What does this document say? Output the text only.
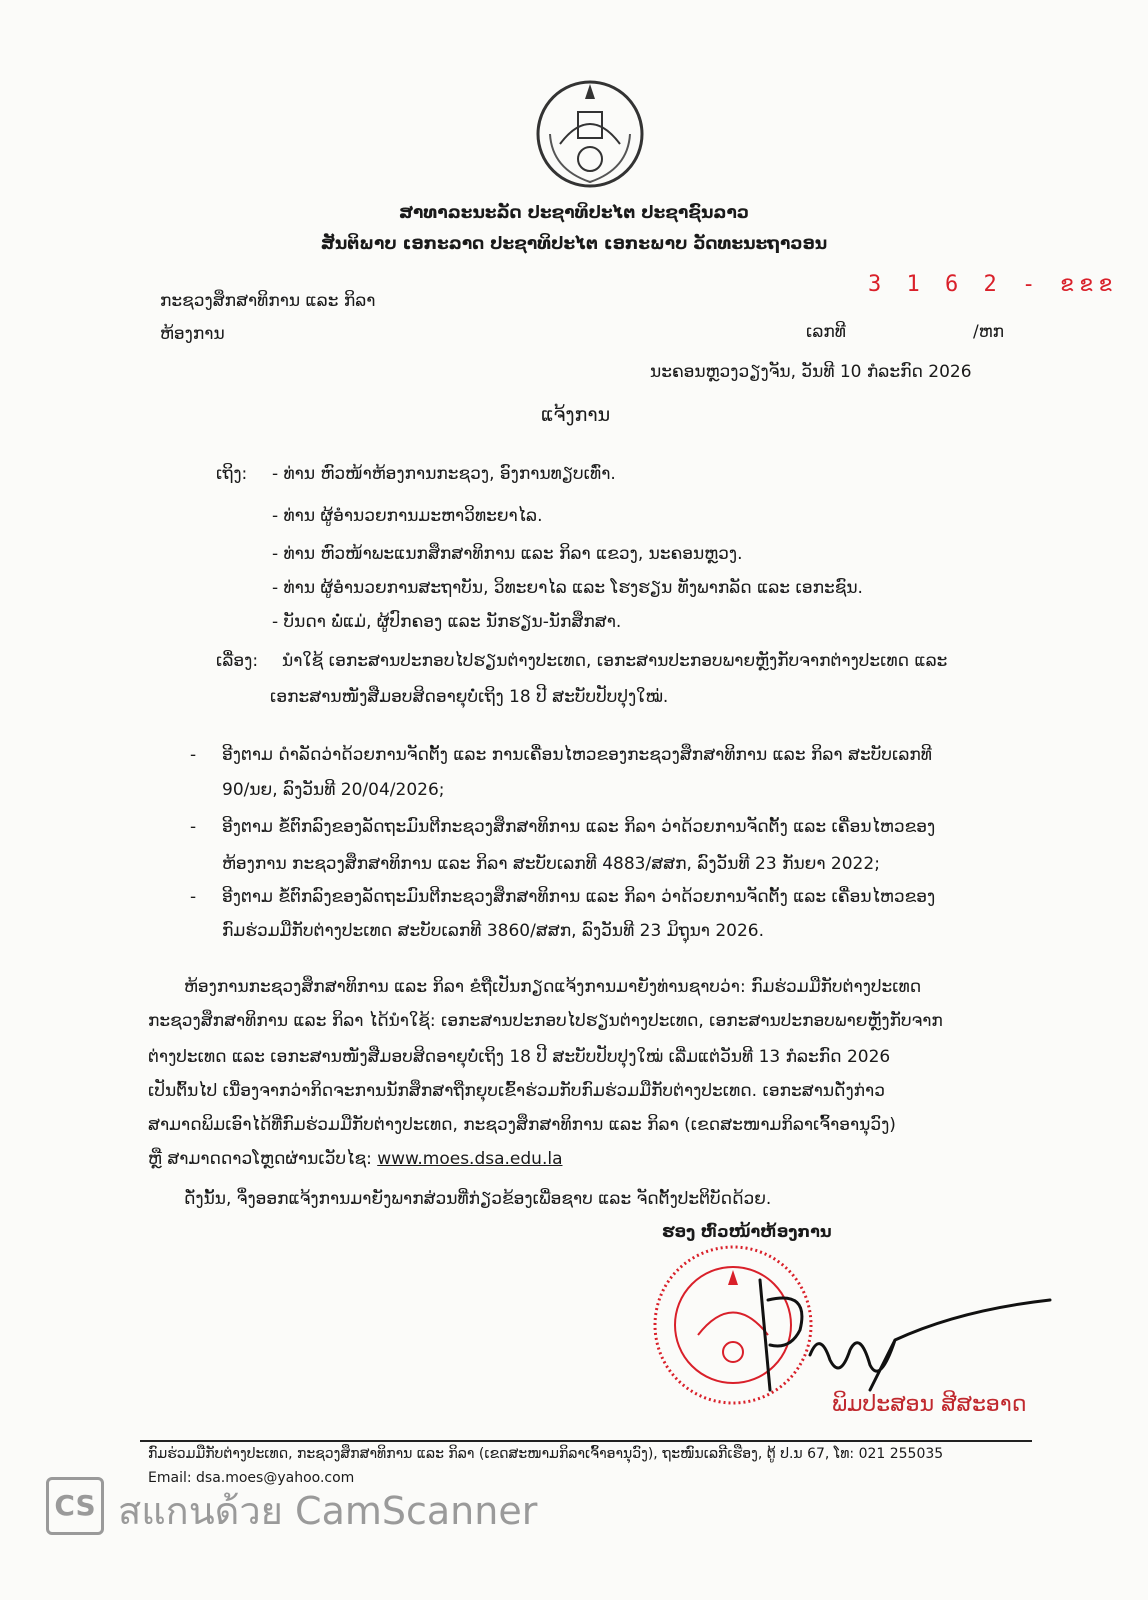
ສາທາລະນະລັດ ປະຊາທິປະໄຕ ປະຊາຊົນລາວ
ສັນຕິພາບ ເອກະລາດ ປະຊາທິປະໄຕ ເອກະພາບ ວັດທະນະຖາວອນ
ກະຊວງສຶກສາທິການ ແລະ ກິລາ
3 1 6 2 - ຂຂຂ
ຫ້ອງການ	ເລກທີ	/ຫກ
ນະຄອນຫຼວງວຽງຈັນ, ວັນທີ 10 ກໍລະກົດ 2026
ແຈ້ງການ
ເຖິງ: - ທ່ານ ຫົວໜ້າຫ້ອງການກະຊວງ, ອົງການທຽບເທົ່າ.
- ທ່ານ ຜູ້ອໍານວຍການມະຫາວິທະຍາໄລ.
- ທ່ານ ຫົວໜ້າພະແນກສຶກສາທິການ ແລະ ກິລາ ແຂວງ, ນະຄອນຫຼວງ.
- ທ່ານ ຜູ້ອໍານວຍການສະຖາບັນ, ວິທະຍາໄລ ແລະ ໂຮງຮຽນ ທັງພາກລັດ ແລະ ເອກະຊົນ.
- ບັນດາ ພໍ່ແມ່, ຜູ້ປົກຄອງ ແລະ ນັກຮຽນ-ນັກສຶກສາ.
ເລື່ອງ: ນຳໃຊ້ ເອກະສານປະກອບໄປຮຽນຕ່າງປະເທດ, ເອກະສານປະກອບພາຍຫຼັງກັບຈາກຕ່າງປະເທດ ແລະ
ເອກະສານໜັງສືມອບສິດອາຍຸບໍ່ເຖິງ 18 ປີ ສະບັບປັບປຸງໃໝ່.
- ອີງຕາມ ດໍາລັດວ່າດ້ວຍການຈັດຕັ້ງ ແລະ ການເຄື່ອນໄຫວຂອງກະຊວງສຶກສາທິການ ແລະ ກິລາ ສະບັບເລກທີ
90/ນຍ, ລົງວັນທີ 20/04/2026;
- ອີງຕາມ ຂໍ້ຕົກລົງຂອງລັດຖະມົນຕີກະຊວງສຶກສາທິການ ແລະ ກິລາ ວ່າດ້ວຍການຈັດຕັ້ງ ແລະ ເຄື່ອນໄຫວຂອງ
ຫ້ອງການ ກະຊວງສຶກສາທິການ ແລະ ກິລາ ສະບັບເລກທີ 4883/ສສກ, ລົງວັນທີ 23 ກັນຍາ 2022;
- ອີງຕາມ ຂໍ້ຕົກລົງຂອງລັດຖະມົນຕີກະຊວງສຶກສາທິການ ແລະ ກິລາ ວ່າດ້ວຍການຈັດຕັ້ງ ແລະ ເຄື່ອນໄຫວຂອງ
ກົມຮ່ວມມືກັບຕ່າງປະເທດ ສະບັບເລກທີ 3860/ສສກ, ລົງວັນທີ 23 ມິຖຸນາ 2026.
ຫ້ອງການກະຊວງສຶກສາທິການ ແລະ ກິລາ ຂໍຖືເປັນກຽດແຈ້ງການມາຍັງທ່ານຊາບວ່າ: ກົມຮ່ວມມືກັບຕ່າງປະເທດ
ກະຊວງສຶກສາທິການ ແລະ ກິລາ ໄດ້ນໍາໃຊ້: ເອກະສານປະກອບໄປຮຽນຕ່າງປະເທດ, ເອກະສານປະກອບພາຍຫຼັງກັບຈາກ
ຕ່າງປະເທດ ແລະ ເອກະສານໜັງສືມອບສິດອາຍຸບໍ່ເຖິງ 18 ປີ ສະບັບປັບປຸງໃໝ່ ເລີ່ມແຕ່ວັນທີ 13 ກໍລະກົດ 2026
ເປັນຕົ້ນໄປ ເນື່ອງຈາກວ່າກິດຈະການນັກສຶກສາຖືກຍຸບເຂົ້າຮ່ວມກັບກົມຮ່ວມມືກັບຕ່າງປະເທດ. ເອກະສານດັ່ງກ່າວ
ສາມາດພິມເອົາໄດ້ທີ່ກົມຮ່ວມມືກັບຕ່າງປະເທດ, ກະຊວງສຶກສາທິການ ແລະ ກິລາ (ເຂດສະໜາມກິລາເຈົ້າອານຸວົງ)
ຫຼື ສາມາດດາວໂຫຼດຜ່ານເວັບໄຊ: www.moes.dsa.edu.la
ດັ່ງນັ້ນ, ຈຶ່ງອອກແຈ້ງການມາຍັງພາກສ່ວນທີ່ກ່ຽວຂ້ອງເພື່ອຊາບ ແລະ ຈັດຕັ້ງປະຕິບັດດ້ວຍ.
ຮອງ ຫົວໜ້າຫ້ອງການ
ພິມປະສອນ ສີສະອາດ
ກົມຮ່ວມມືກັບຕ່າງປະເທດ, ກະຊວງສຶກສາທິການ ແລະ ກິລາ (ເຂດສະໜາມກິລາເຈົ້າອານຸວົງ), ຖະໜົນເລກີເຮືອງ, ຕູ້ ປ.ນ 67, ໂທ: 021 255035
Email: dsa.moes@yahoo.com
CS สแกนด้วย CamScanner
